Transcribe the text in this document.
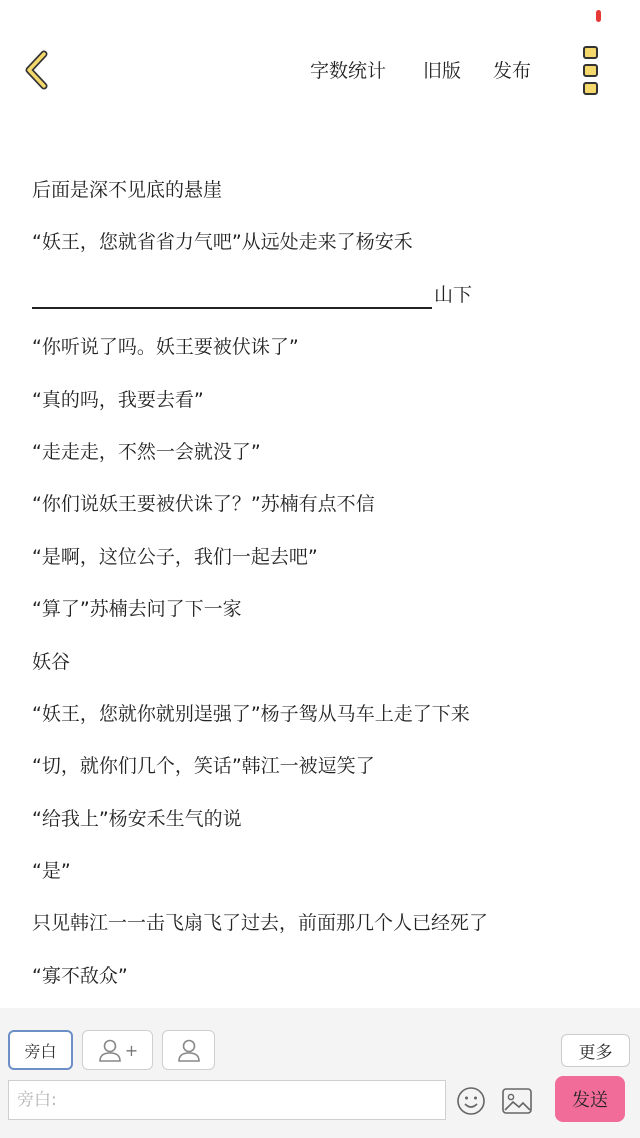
字数统计 旧版 发布
后面是深不见底的悬崖
“妖王，您就省省力气吧”从远处走来了杨安禾
山下
“你听说了吗。妖王要被伏诛了”
“真的吗，我要去看”
“走走走，不然一会就没了”
“你们说妖王要被伏诛了？”苏楠有点不信
“是啊，这位公子，我们一起去吧”
“算了”苏楠去问了下一家
妖谷
“妖王，您就你就别逞强了”杨子鸳从马车上走了下来
“切，就你们几个，笑话”韩江一被逗笑了
“给我上”杨安禾生气的说
“是”
只见韩江一一击飞扇飞了过去，前面那几个人已经死了
“寡不敌众”
旁白	+	更多
旁白:
发送
